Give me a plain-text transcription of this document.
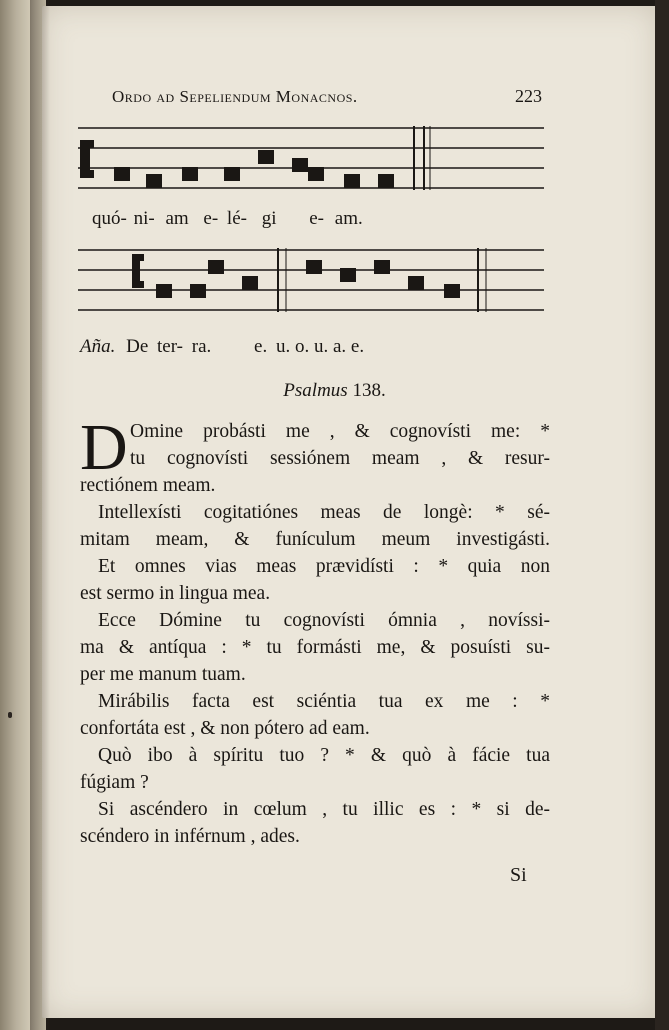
Ordo ad Sepeliendum Monacnos.	223
quó- ni- am e- lé- gi e- am.
Aña. De ter- ra. e. u. o. u. a. e.
Psalmus 138.
D Omine probásti me , & cognovísti me: *
tu cognovísti sessiónem meam , & resur-
rectiónem meam.
Intellexísti cogitatiónes meas de longè: * sé-
mitam meam, & funículum meum investigásti.
Et omnes vias meas prævidísti : * quia non
est sermo in lingua mea.
Ecce Dómine tu cognovísti ómnia , novíssi-
ma & antíqua : * tu formásti me, & posuísti su-
per me manum tuam.
Mirábilis facta est sciéntia tua ex me : *
confortáta est , & non pótero ad eam.
Quò ibo à spíritu tuo ? * & quò à fácie tua
fúgiam ?
Si ascéndero in cœlum , tu illic es : * si de-
scéndero in inférnum , ades.
Si
